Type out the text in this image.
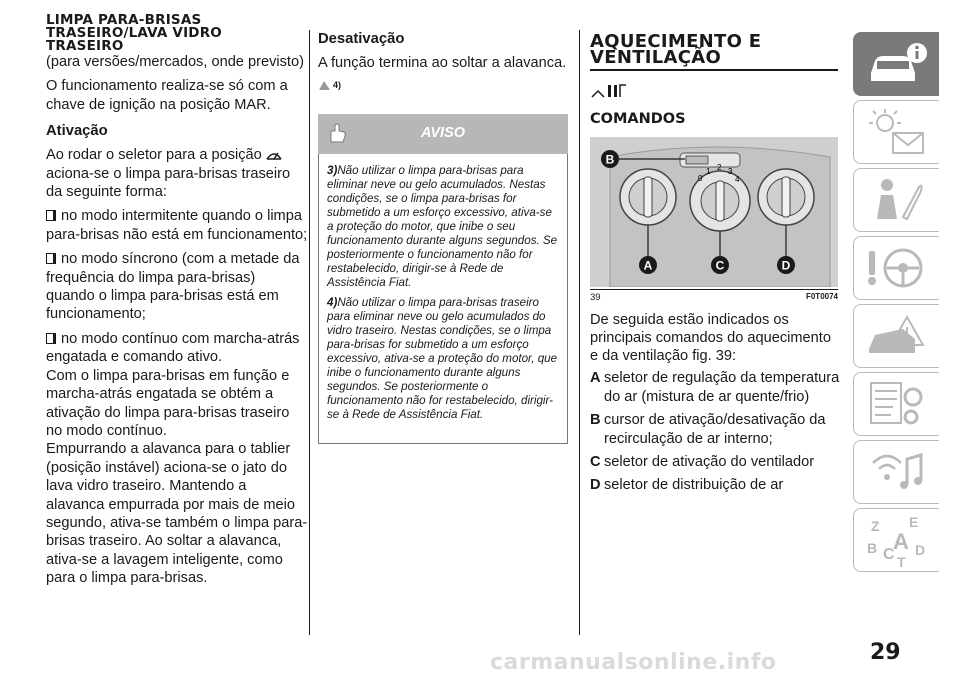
LIMPA PARA-BRISAS
TRASEIRO/LAVA VIDRO
TRASEIRO
(para versões/mercados, onde previsto)
O funcionamento realiza-se só com a chave de ignição na posição MAR.
Ativação
Ao rodar o seletor para a posição  aciona-se o limpa para-brisas traseiro da seguinte forma:
no modo intermitente quando o limpa para-brisas não está em funcionamento;
no modo síncrono (com a metade da frequência do limpa para-brisas) quando o limpa para-brisas está em funcionamento;
no modo contínuo com marcha-atrás engatada e comando ativo.
Com o limpa para-brisas em função e marcha-atrás engatada se obtém a ativação do limpa para-brisas traseiro no modo contínuo.
Empurrando a alavanca para o tablier (posição instável) aciona-se o jato do lava vidro traseiro. Mantendo a alavanca empurrada por mais de meio segundo, ativa-se também o limpa para-brisas traseiro. Ao soltar a alavanca, ativa-se a lavagem inteligente, como para o limpa para-brisas.
Desativação
A função termina ao soltar a alavanca.
$^{4)}$
AVISO
3)Não utilizar o limpa para-brisas para eliminar neve ou gelo acumulados. Nestas condições, se o limpa para-brisas for submetido a um esforço excessivo, ativa-se a proteção do motor, que inibe o seu funcionamento durante alguns segundos. Se posteriormente o funcionamento não for restabelecido, dirigir-se à Rede de Assistência Fiat.
4)Não utilizar o limpa para-brisas traseiro para eliminar neve ou gelo acumulados do vidro traseiro. Nestas condições, se o limpa para-brisas for submetido a um esforço excessivo, ativa-se a proteção do motor, que inibe o funcionamento durante alguns segundos. Se posteriormente o funcionamento não for restabelecido, dirigir-se à Rede de Assistência Fiat.
AQUECIMENTO E
VENTILAÇÃO
COMANDOS
0
1 2 3
4
B
A	C	D
39	F0T0074
De seguida estão indicados os principais comandos do aquecimento e da ventilação fig. 39:
A seletor de regulação da temperatura do ar (mistura de ar quente/frio)
B cursor de ativação/desativação da recirculação de ar interno;
C seletor de ativação do ventilador
D seletor de distribuição de ar
Z E
B C
A D
T
carmanualsonline.info	29
